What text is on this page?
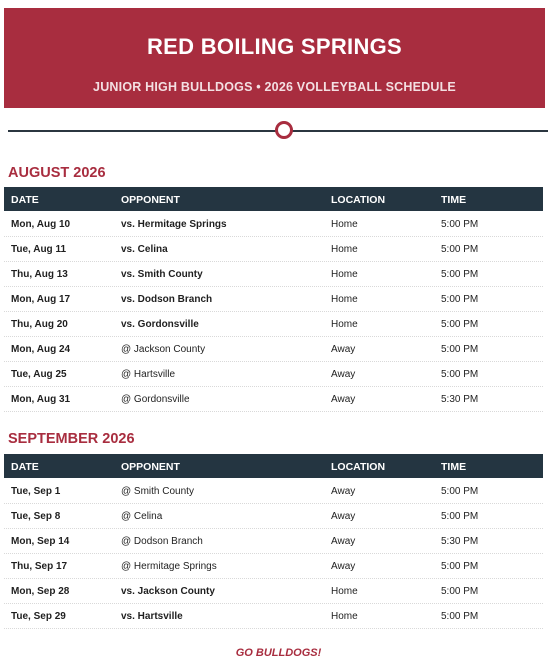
RED BOILING SPRINGS
JUNIOR HIGH BULLDOGS • 2026 VOLLEYBALL SCHEDULE
AUGUST 2026
DATE	OPPONENT	LOCATION	TIME
Mon, Aug 10	vs. Hermitage Springs	Home	5:00 PM
Tue, Aug 11	vs. Celina	Home	5:00 PM
Thu, Aug 13	vs. Smith County	Home	5:00 PM
Mon, Aug 17	vs. Dodson Branch	Home	5:00 PM
Thu, Aug 20	vs. Gordonsville	Home	5:00 PM
Mon, Aug 24	@ Jackson County	Away	5:00 PM
Tue, Aug 25	@ Hartsville	Away	5:00 PM
Mon, Aug 31	@ Gordonsville	Away	5:30 PM
SEPTEMBER 2026
DATE	OPPONENT	LOCATION	TIME
Tue, Sep 1	@ Smith County	Away	5:00 PM
Tue, Sep 8	@ Celina	Away	5:00 PM
Mon, Sep 14	@ Dodson Branch	Away	5:30 PM
Thu, Sep 17	@ Hermitage Springs	Away	5:00 PM
Mon, Sep 28	vs. Jackson County	Home	5:00 PM
Tue, Sep 29	vs. Hartsville	Home	5:00 PM
GO BULLDOGS!
